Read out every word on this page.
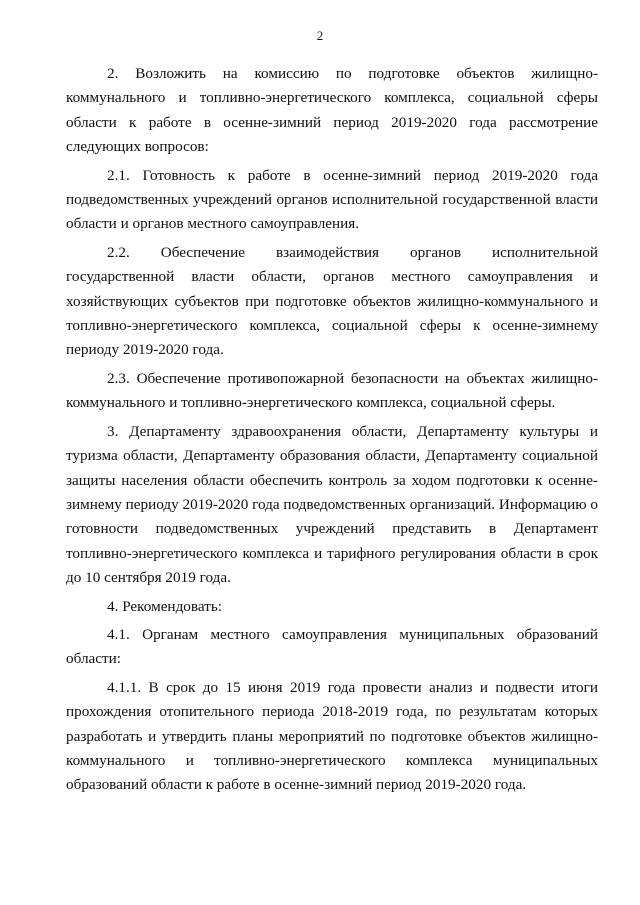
2

2. Возложить на комиссию по подготовке объектов жилищно-коммунального и топливно-энергетического комплекса, социальной сферы области к работе в осенне-зимний период 2019-2020 года рассмотрение следующих вопросов:

2.1. Готовность к работе в осенне-зимний период 2019-2020 года подведомственных учреждений органов исполнительной государственной власти области и органов местного самоуправления.

2.2. Обеспечение взаимодействия органов исполнительной государственной власти области, органов местного самоуправления и хозяйствующих субъектов при подготовке объектов жилищно-коммунального и топливно-энергетического комплекса, социальной сферы к осенне-зимнему периоду 2019-2020 года.

2.3. Обеспечение противопожарной безопасности на объектах жилищно-коммунального и топливно-энергетического комплекса, социальной сферы.

3. Департаменту здравоохранения области, Департаменту культуры и туризма области, Департаменту образования области, Департаменту социальной защиты населения области обеспечить контроль за ходом подготовки к осенне-зимнему периоду 2019-2020 года подведомственных организаций. Информацию о готовности подведомственных учреждений представить в Департамент топливно-энергетического комплекса и тарифного регулирования области в срок до 10 сентября 2019 года.

4. Рекомендовать:

4.1. Органам местного самоуправления муниципальных образований области:

4.1.1. В срок до 15 июня 2019 года провести анализ и подвести итоги прохождения отопительного периода 2018-2019 года, по результатам которых разработать и утвердить планы мероприятий по подготовке объектов жилищно-коммунального и топливно-энергетического комплекса муниципальных образований области к работе в осенне-зимний период 2019-2020 года.
